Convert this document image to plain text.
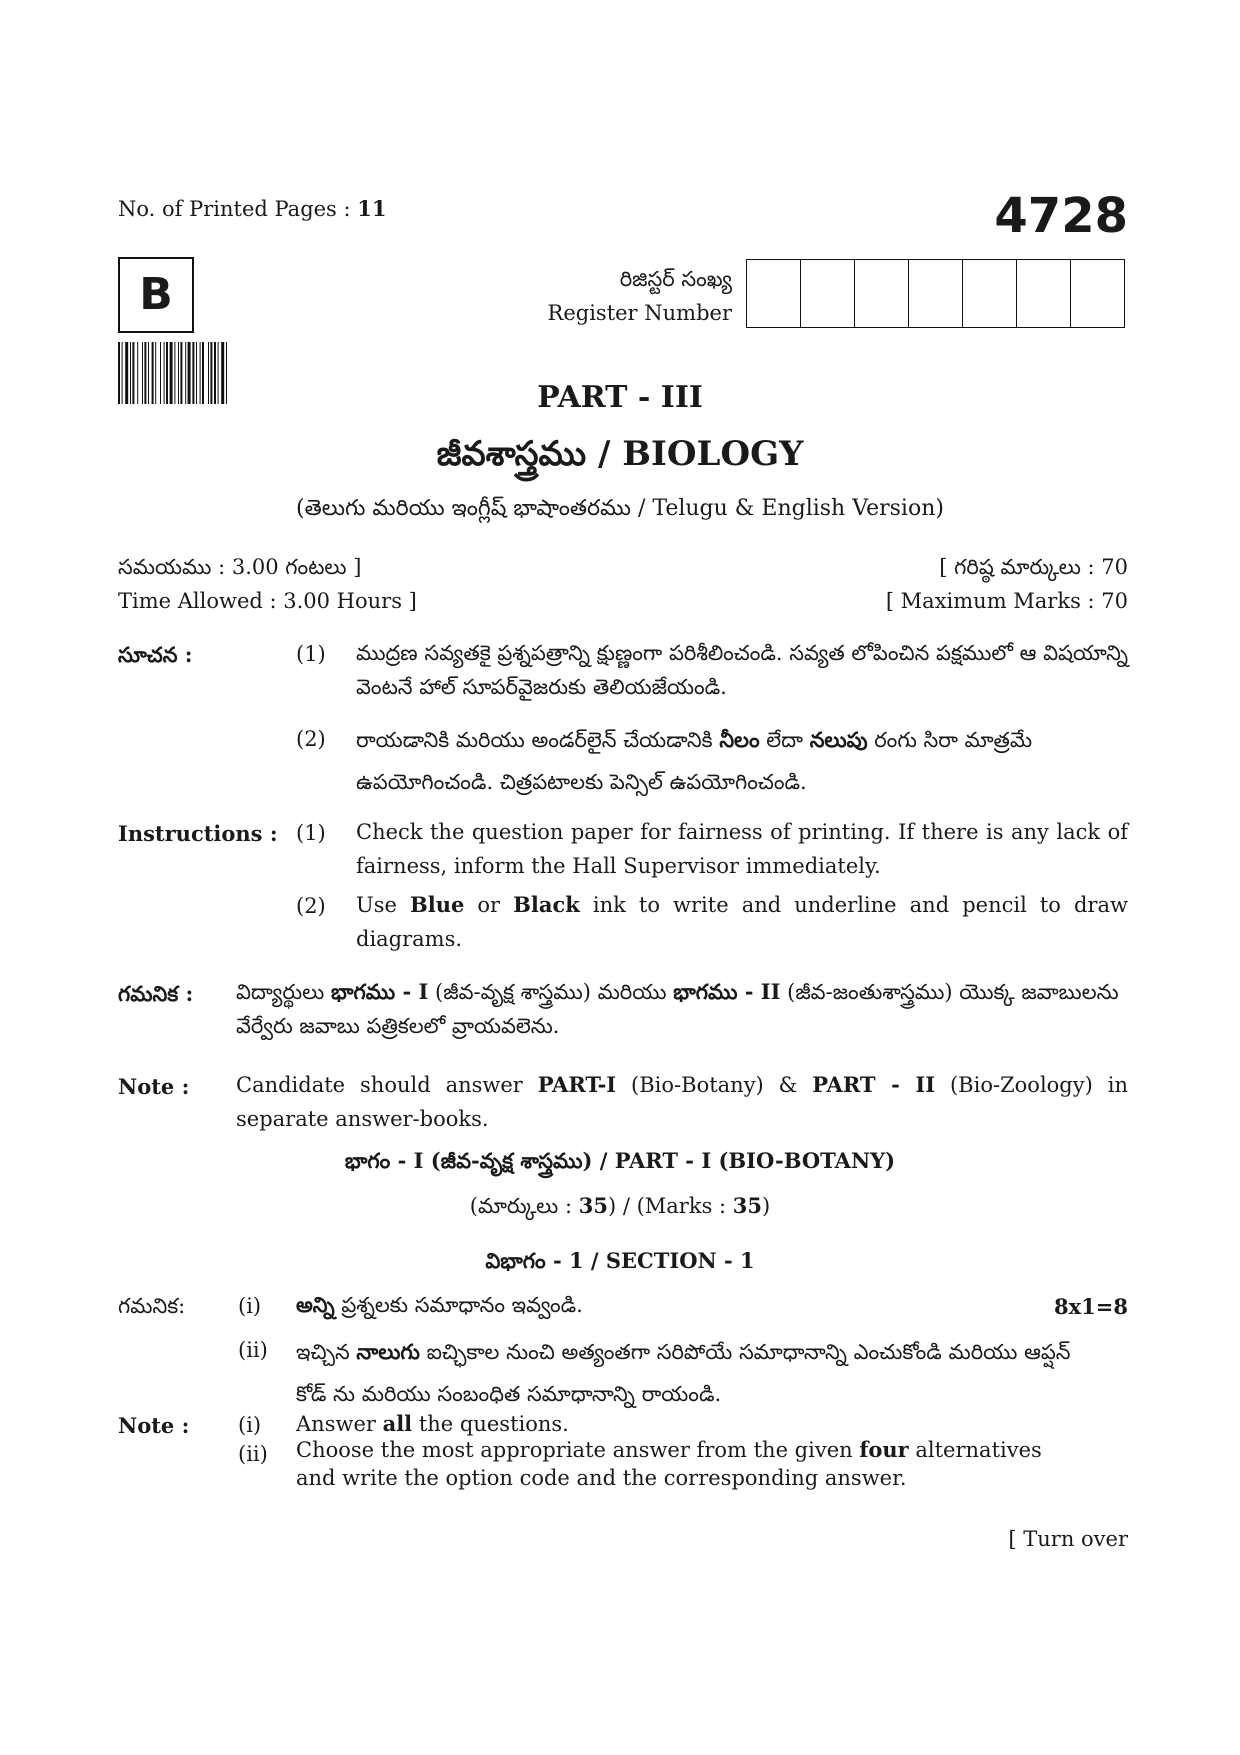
No. of Printed Pages : 11	4728
B	రిజిస్టర్ సంఖ్య
Register Number
PART - III
జీవశాస్త్రము / BIOLOGY
(తెలుగు మరియు ఇంగ్లీష్ భాషాంతరము / Telugu & English Version)
సమయము : 3.00 గంటలు ]
Time Allowed : 3.00 Hours ]
[ గరిష్ఠ మార్కులు : 70
[ Maximum Marks : 70
సూచన :	(1) ముద్రణ సవ్యతకై ప్రశ్నపత్రాన్ని క్షుణ్ణంగా పరిశీలించండి. సవ్యత లోపించిన పక్షములో ఆ విషయాన్ని వెంటనే హాల్ సూపర్‌వైజరుకు తెలియజేయండి.
(2) రాయడానికి మరియు అండర్‌లైన్ చేయడానికి నీలం లేదా నలుపు రంగు సిరా మాత్రమే ఉపయోగించండి. చిత్రపటాలకు పెన్సిల్ ఉపయోగించండి.
Instructions : (1) Check the question paper for fairness of printing. If there is any lack of fairness, inform the Hall Supervisor immediately.
(2) Use Blue or Black ink to write and underline and pencil to draw diagrams.
గమనిక : విద్యార్థులు భాగము - I (జీవ-వృక్ష శాస్త్రము) మరియు భాగము - II (జీవ-జంతుశాస్త్రము) యొక్క జవాబులను వేర్వేరు జవాబు పత్రికలలో వ్రాయవలెను.
Note : Candidate should answer PART-I (Bio-Botany) & PART - II (Bio-Zoology) in separate answer-books.
భాగం - I (జీవ-వృక్ష శాస్త్రము) / PART - I (BIO-BOTANY)
(మార్కులు : 35) / (Marks : 35)
విభాగం - 1 / SECTION - 1
గమనిక:	(i) అన్ని ప్రశ్నలకు సమాధానం ఇవ్వండి.	8x1=8
(ii) ఇచ్చిన నాలుగు ఐచ్ఛికాల నుంచి అత్యంతగా సరిపోయే సమాధానాన్ని ఎంచుకోండి మరియు ఆప్షన్ కోడ్ ను మరియు సంబంధిత సమాధానాన్ని రాయండి.
Note : (i) Answer all the questions.
(ii) Choose the most appropriate answer from the given four alternatives and write the option code and the corresponding answer.
[ Turn over
